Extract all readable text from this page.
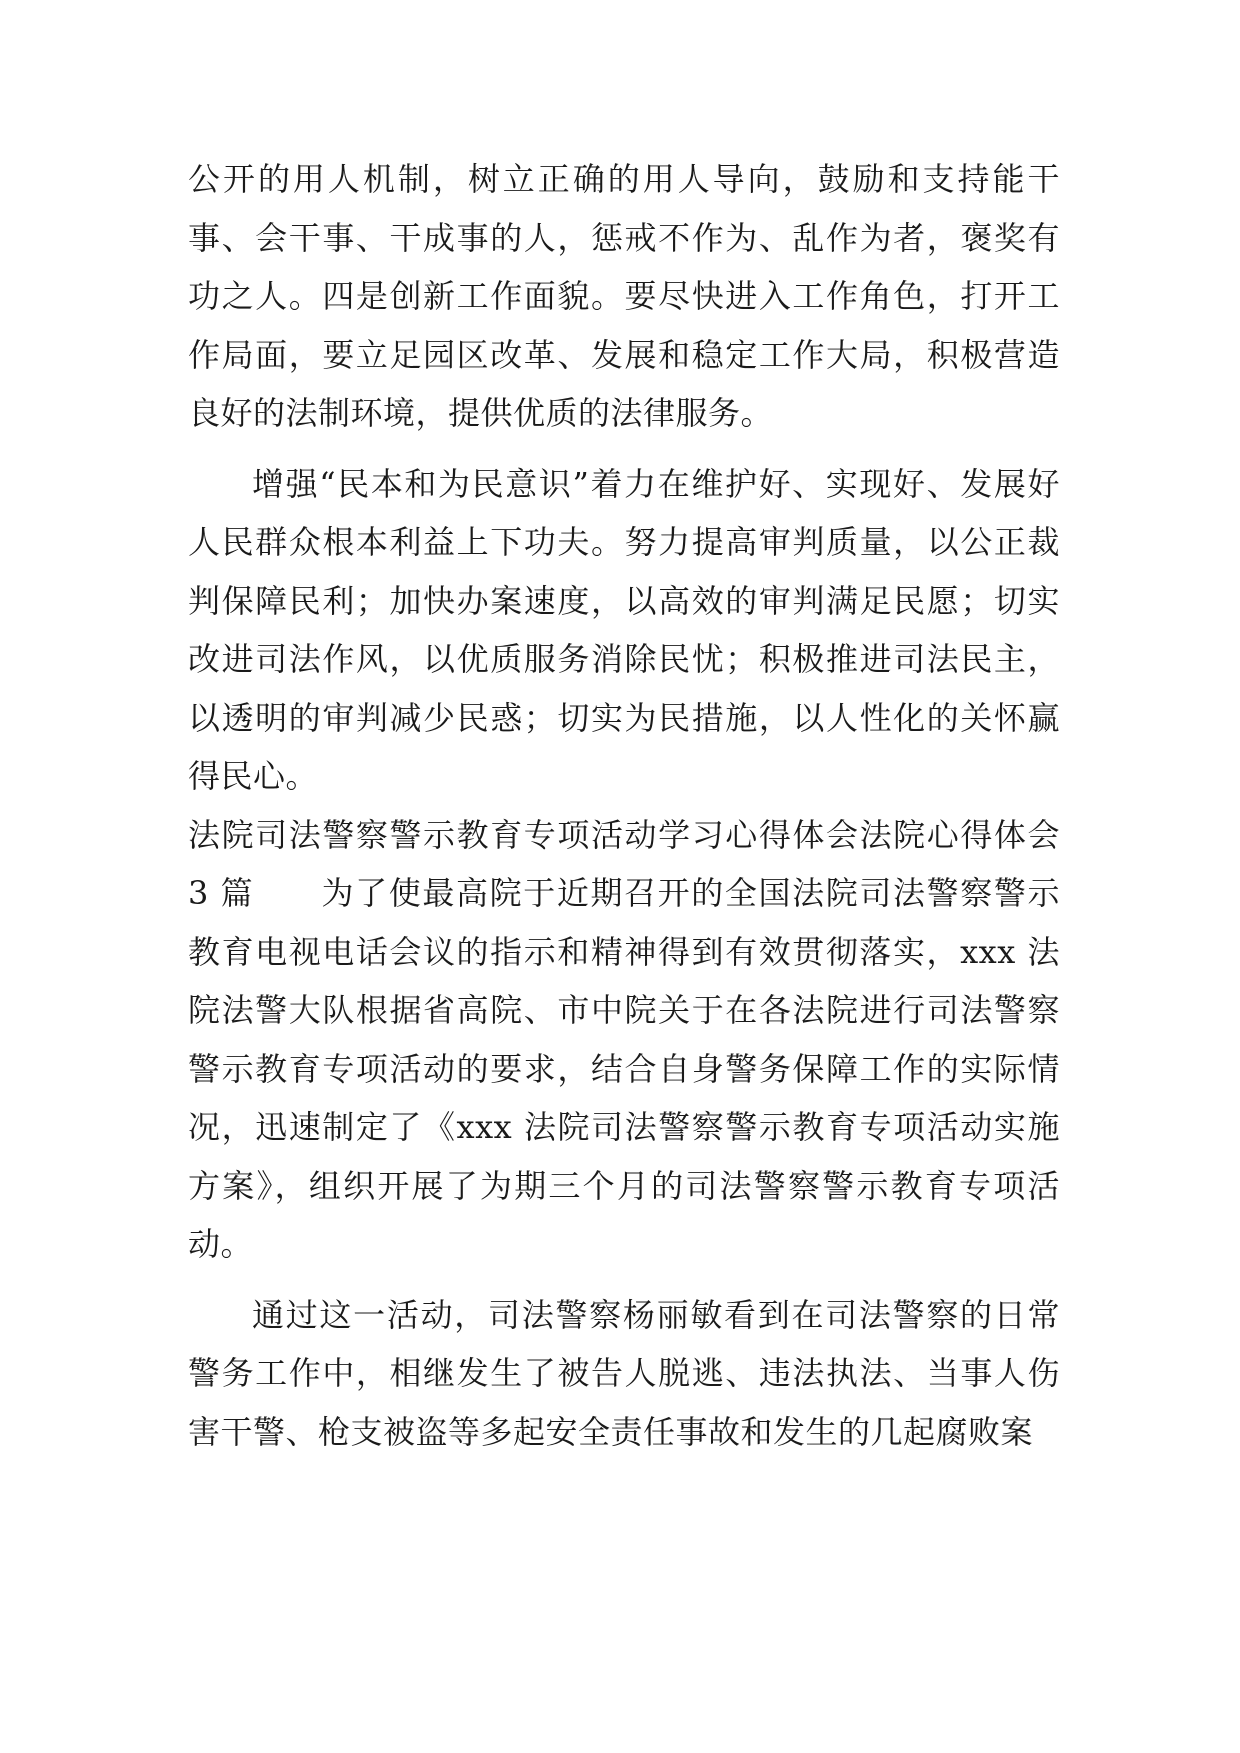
公开的用人机制，树立正确的用人导向，鼓励和支持能干事、会干事、干成事的人，惩戒不作为、乱作为者，褒奖有功之人。四是创新工作面貌。要尽快进入工作角色，打开工作局面，要立足园区改革、发展和稳定工作大局，积极营造良好的法制环境，提供优质的法律服务。

增强“民本和为民意识”着力在维护好、实现好、发展好人民群众根本利益上下功夫。努力提高审判质量，以公正裁判保障民利；加快办案速度，以高效的审判满足民愿；切实改进司法作风，以优质服务消除民忧；积极推进司法民主，以透明的审判减少民惑；切实为民措施，以人性化的关怀赢得民心。

法院司法警察警示教育专项活动学习心得体会法院心得体会 3 篇　　为了使最高院于近期召开的全国法院司法警察警示教育电视电话会议的指示和精神得到有效贯彻落实，xxx 法院法警大队根据省高院、市中院关于在各法院进行司法警察警示教育专项活动的要求，结合自身警务保障工作的实际情况，迅速制定了《xxx 法院司法警察警示教育专项活动实施方案》，组织开展了为期三个月的司法警察警示教育专项活动。

通过这一活动，司法警察杨丽敏看到在司法警察的日常警务工作中，相继发生了被告人脱逃、违法执法、当事人伤害干警、枪支被盗等多起安全责任事故和发生的几起腐败案
